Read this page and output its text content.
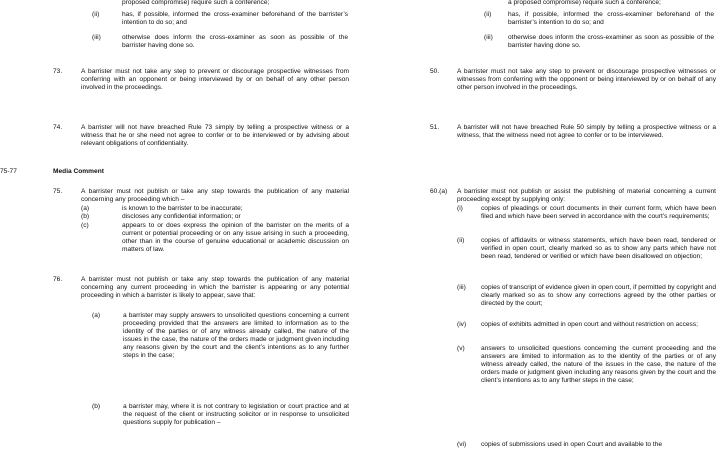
proposed compromise) require such a conference;

(ii)	has, if possible, informed the cross-examiner beforehand of the barrister’s intention to do so; and

(iii)	otherwise does inform the cross-examiner as soon as possible of the barrister having done so.

73.	A barrister must not take any step to prevent or discourage prospective witnesses from conferring with an opponent or being interviewed by or on behalf of any other person involved in the proceedings.

74.	A barrister will not have breached Rule 73 simply by telling a prospective witness or a witness that he or she need not agree to confer or to be interviewed or by advising about relevant obligations of confidentiality.

75-77	Media Comment
75.	A barrister must not publish or take any step towards the publication of any material concerning any proceeding which –

(a)	is known to the barrister to be inaccurate;

(b)	discloses any confidential information; or

(c)	appears to or does express the opinion of the barrister on the merits of a current or potential proceeding or on any issue arising in such a proceeding, other than in the course of genuine educational or academic discussion on matters of law.

76.	A barrister must not publish or take any step towards the publication of any material concerning any current proceeding in which the barrister is appearing or any potential proceeding in which a barrister is likely to appear, save that:

(a)	a barrister may supply answers to unsolicited questions concerning a current proceeding provided that the answers are limited to information as to the identity of the parties or of any witness already called, the nature of the issues in the case, the nature of the orders made or judgment given including any reasons given by the court and the client’s intentions as to any further steps in the case;

(b)	a barrister may, where it is not contrary to legislation or court practice and at the request of the client or instructing solicitor or in response to unsolicited questions supply for publication –

a proposed compromise) require such a conference;

(ii)	has, if possible, informed the cross-examiner beforehand of the barrister’s intention to do so; and

(iii) otherwise does inform the cross-examiner as soon as possible of the barrister having done so.

50.	A barrister must not take any step to prevent or discourage prospective witnesses or witnesses from conferring with the opponent or being interviewed by or on behalf of any other person involved in the proceedings.

51.	A barrister will not have breached Rule 50 simply by telling a prospective witness or a witness, that the witness need not agree to confer or to be interviewed.

60.(a) A barrister must not publish or assist the publishing of material concerning a current proceeding except by supplying only:

(i)	copies of pleadings or court documents in their current form, which have been filed and which have been served in accordance with the court’s requirements;

(ii)	copies of affidavits or witness statements, which have been read, tendered or verified in open court, clearly marked so as to show any parts which have not been read, tendered or verified or which have been disallowed on objection;

(iii) copies of transcript of evidence given in open court, if permitted by copyright and clearly marked so as to show any corrections agreed by the other parties or directed by the court;

(iv) copies of exhibits admitted in open court and without restriction on access;

(v) answers to unsolicited questions concerning the current proceeding and the answers are limited to information as to the identity of the parties or of any witness already called, the nature of the issues in the case, the nature of the orders made or judgment given including any reasons given by the court and the client’s intentions as to any further steps in the case;

(vi) copies of submissions used in open Court and available to the
